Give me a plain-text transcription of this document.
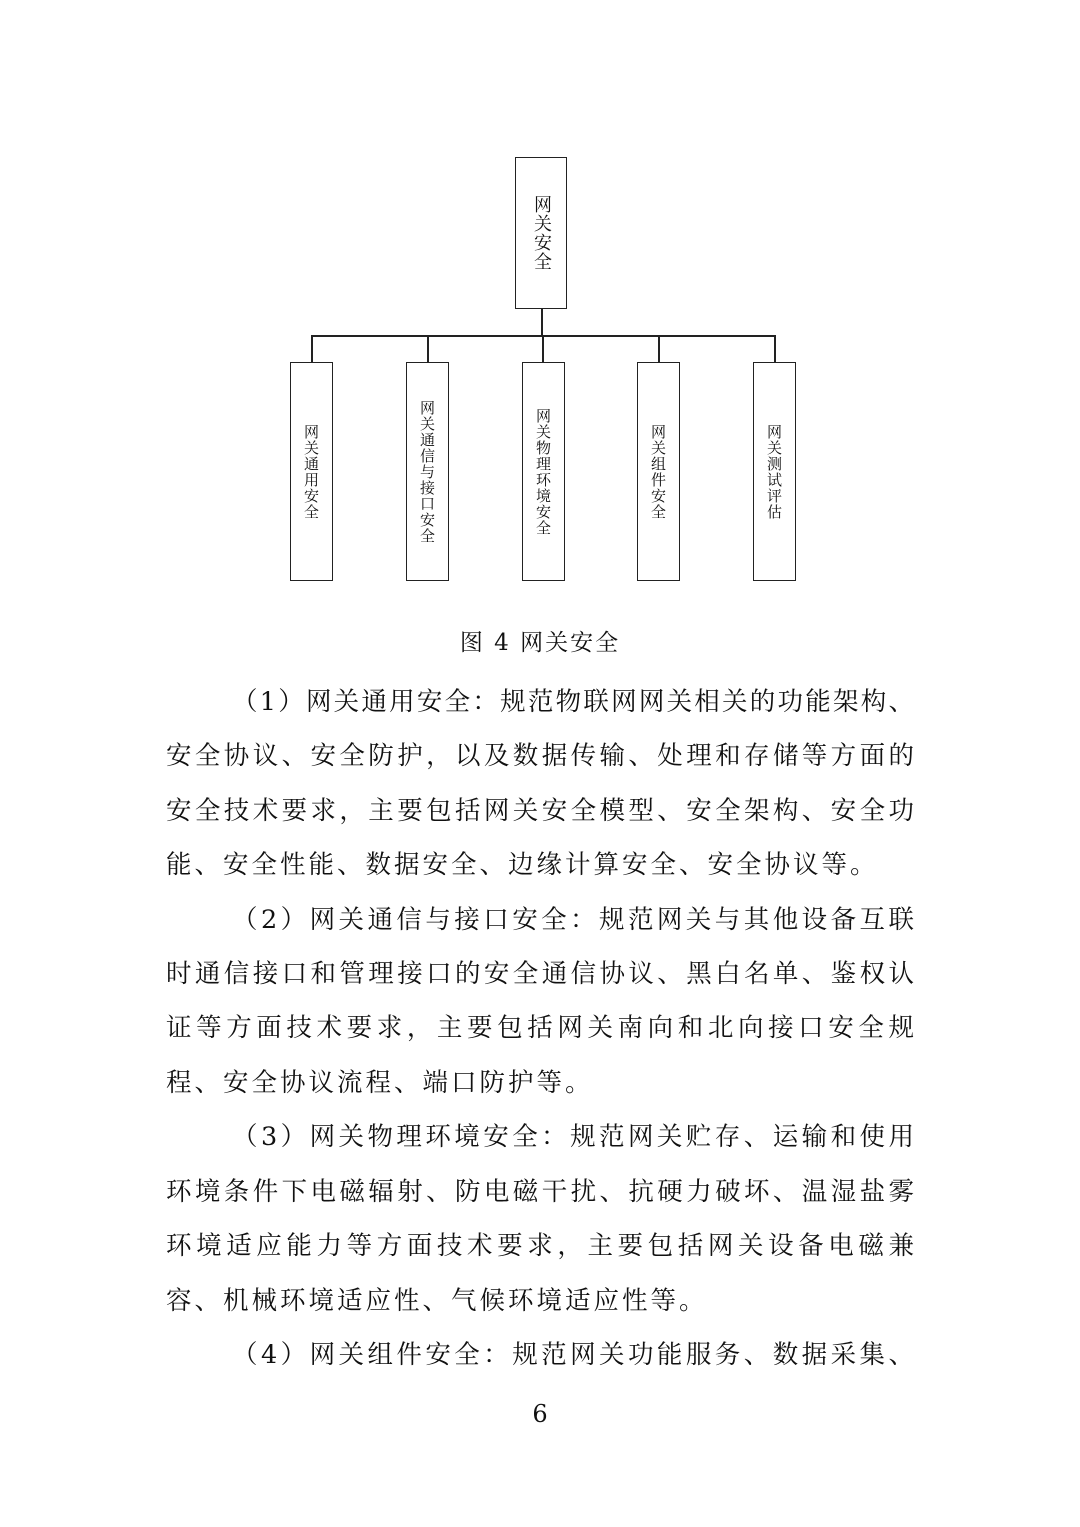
网关安全
网关通用安全	网关通信与接口安全	网关物理环境安全	网关组件安全	网关测试评估
图 4 网关安全
（1）网关通用安全：规范物联网网关相关的功能架构、
安全协议、安全防护，以及数据传输、处理和存储等方面的
安全技术要求，主要包括网关安全模型、安全架构、安全功
能、安全性能、数据安全、边缘计算安全、安全协议等。
（2）网关通信与接口安全：规范网关与其他设备互联
时通信接口和管理接口的安全通信协议、黑白名单、鉴权认
证等方面技术要求，主要包括网关南向和北向接口安全规
程、安全协议流程、端口防护等。
（3）网关物理环境安全：规范网关贮存、运输和使用
环境条件下电磁辐射、防电磁干扰、抗硬力破坏、温湿盐雾
环境适应能力等方面技术要求，主要包括网关设备电磁兼
容、机械环境适应性、气候环境适应性等。
（4）网关组件安全：规范网关功能服务、数据采集、
6
